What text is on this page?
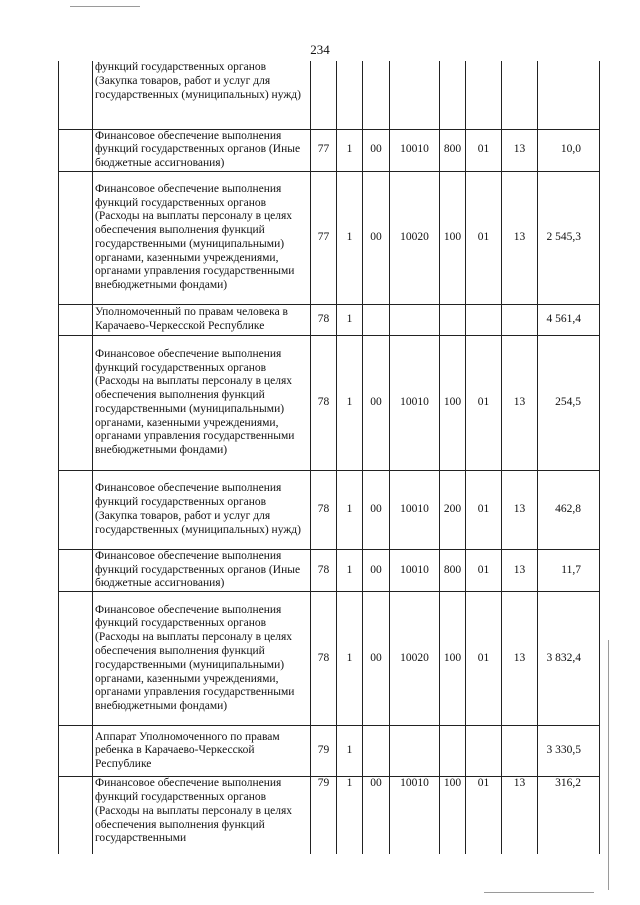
234
	функций государственных органов (Закупка товаров, работ и услуг для государственных (муниципальных) нужд)								
	Финансовое обеспечение выполнения функций государственных органов (Иные бюджетные ассигнования)	77	1	00	10010	800	01	13	10,0
	Финансовое обеспечение выполнения функций государственных органов (Расходы на выплаты персоналу в целях обеспечения выполнения функций государственными (муниципальными) органами, казенными учреждениями, органами управления государственными внебюджетными фондами)	77	1	00	10020	100	01	13	2 545,3
	Уполномоченный по правам человека в Карачаево-Черкесской Республике	78	1						4 561,4
	Финансовое обеспечение выполнения функций государственных органов (Расходы на выплаты персоналу в целях обеспечения выполнения функций государственными (муниципальными) органами, казенными учреждениями, органами управления государственными внебюджетными фондами)	78	1	00	10010	100	01	13	254,5
	Финансовое обеспечение выполнения функций государственных органов (Закупка товаров, работ и услуг для государственных (муниципальных) нужд)	78	1	00	10010	200	01	13	462,8
	Финансовое обеспечение выполнения функций государственных органов (Иные бюджетные ассигнования)	78	1	00	10010	800	01	13	11,7
	Финансовое обеспечение выполнения функций государственных органов (Расходы на выплаты персоналу в целях обеспечения выполнения функций государственными (муниципальными) органами, казенными учреждениями, органами управления государственными внебюджетными фондами)	78	1	00	10020	100	01	13	3 832,4
	Аппарат Уполномоченного по правам ребенка в Карачаево-Черкесской Республике	79	1						3 330,5
	Финансовое обеспечение выполнения функций государственных органов (Расходы на выплаты персоналу в целях обеспечения выполнения функций государственными	79	1	00	10010	100	01	13	316,2
